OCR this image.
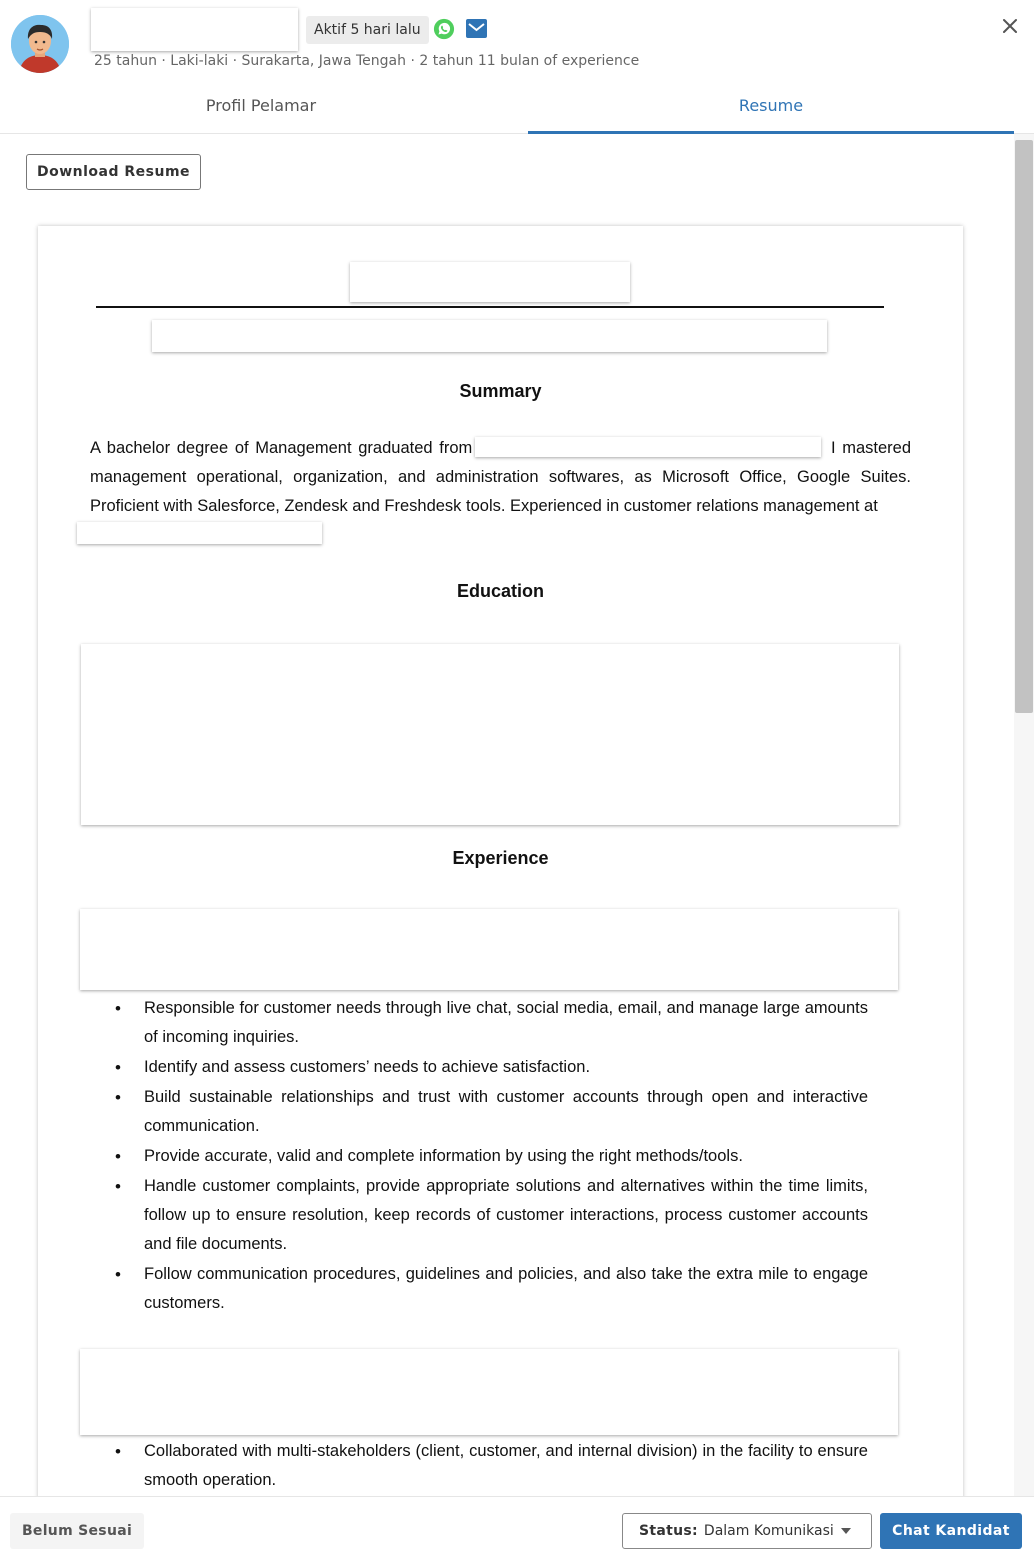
Aktif 5 hari lalu
25 tahun · Laki-laki · Surakarta, Jawa Tengah · 2 tahun 11 bulan of experience
Profil Pelamar	Resume
Download Resume
Summary

A bachelor degree of Management graduated from	I mastered management operational, organization, and administration softwares, as Microsoft Office, Google Suites. Proficient with Salesforce, Zendesk and Freshdesk tools. Experienced in customer relations management at

Education
Experience
• Responsible for customer needs through live chat, social media, email, and manage large amounts of incoming inquiries.
• Identify and assess customers’ needs to achieve satisfaction.
• Build sustainable relationships and trust with customer accounts through open and interactive communication.
• Provide accurate, valid and complete information by using the right methods/tools.
• Handle customer complaints, provide appropriate solutions and alternatives within the time limits, follow up to ensure resolution, keep records of customer interactions, process customer accounts and file documents.
• Follow communication procedures, guidelines and policies, and also take the extra mile to engage customers.
• Collaborated with multi-stakeholders (client, customer, and internal division) in the facility to ensure smooth operation.
Belum Sesuai	Status: Dalam Komunikasi	Chat Kandidat
